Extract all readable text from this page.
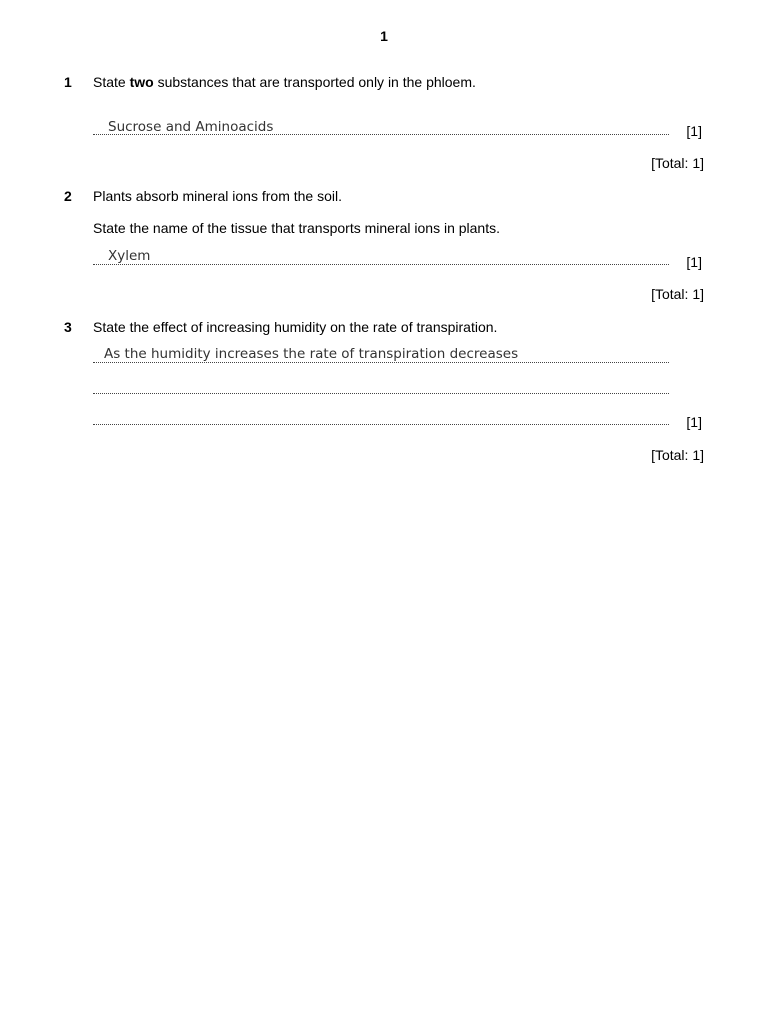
1
1 State two substances that are transported only in the phloem.
Sucrose and Aminoacids	[1]
[Total: 1]
2 Plants absorb mineral ions from the soil.
State the name of the tissue that transports mineral ions in plants.
Xylem	[1]
[Total: 1]
3 State the effect of increasing humidity on the rate of transpiration.
As the humidity increases the rate of transpiration decreases
[1]
[Total: 1]
